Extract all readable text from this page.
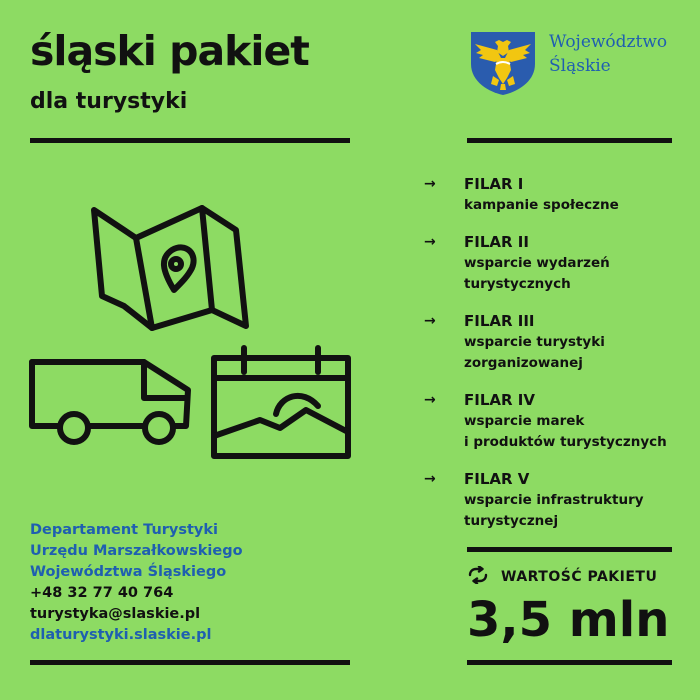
śląski pakiet
dla turystyki
Województwo
Śląskie
→	FILAR I
kampanie społeczne
→	FILAR II
wsparcie wydarzeń
turystycznych
→	FILAR III
wsparcie turystyki
zorganizowanej
→	FILAR IV
wsparcie marek
i produktów turystycznych
→	FILAR V
wsparcie infrastruktury
turystycznej
Departament Turystyki
Urzędu Marszałkowskiego
Województwa Śląskiego
+48 32 77 40 764
turystyka@slaskie.pl
dlaturystyki.slaskie.pl
WARTOŚĆ PAKIETU
3,5 mln
